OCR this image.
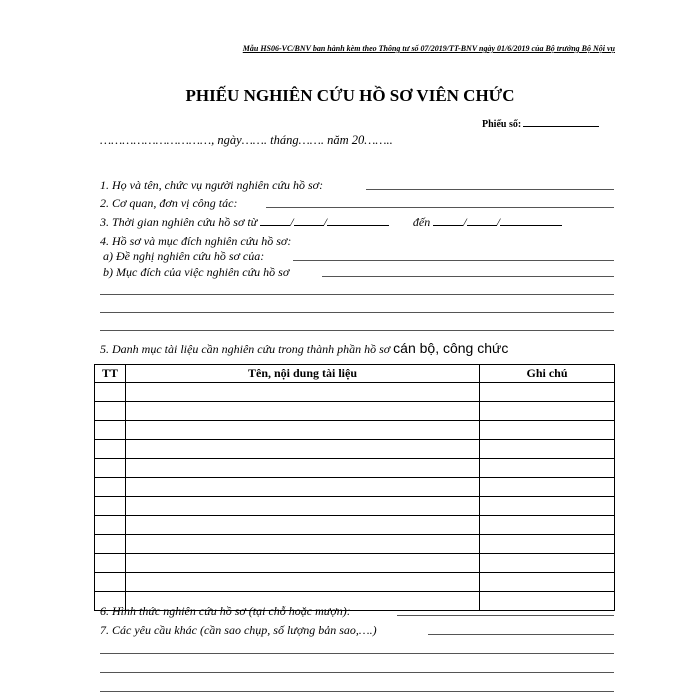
Mẫu HS06-VC/BNV ban hành kèm theo Thông tư số 07/2019/TT-BNV ngày 01/6/2019 của Bộ trưởng Bộ Nội vụ
PHIẾU NGHIÊN CỨU HỒ SƠ VIÊN CHỨC
Phiếu số:
…………………………, ngày……. tháng……. năm 20……..
1. Họ và tên, chức vụ người nghiên cứu hồ sơ:
2. Cơ quan, đơn vị công tác:
3. Thời gian nghiên cứu hồ sơ từ	/	/	đến	/	/
4. Hồ sơ và mục đích nghiên cứu hồ sơ:
a) Đề nghị nghiên cứu hồ sơ của:
b) Mục đích của việc nghiên cứu hồ sơ
5. Danh mục tài liệu cần nghiên cứu trong thành phần hồ sơ cán bộ, công chức
TT	Tên, nội dung tài liệu	Ghi chú

6. Hình thức nghiên cứu hồ sơ (tại chỗ hoặc mượn):
7. Các yêu cầu khác (cần sao chụp, số lượng bản sao,….)
